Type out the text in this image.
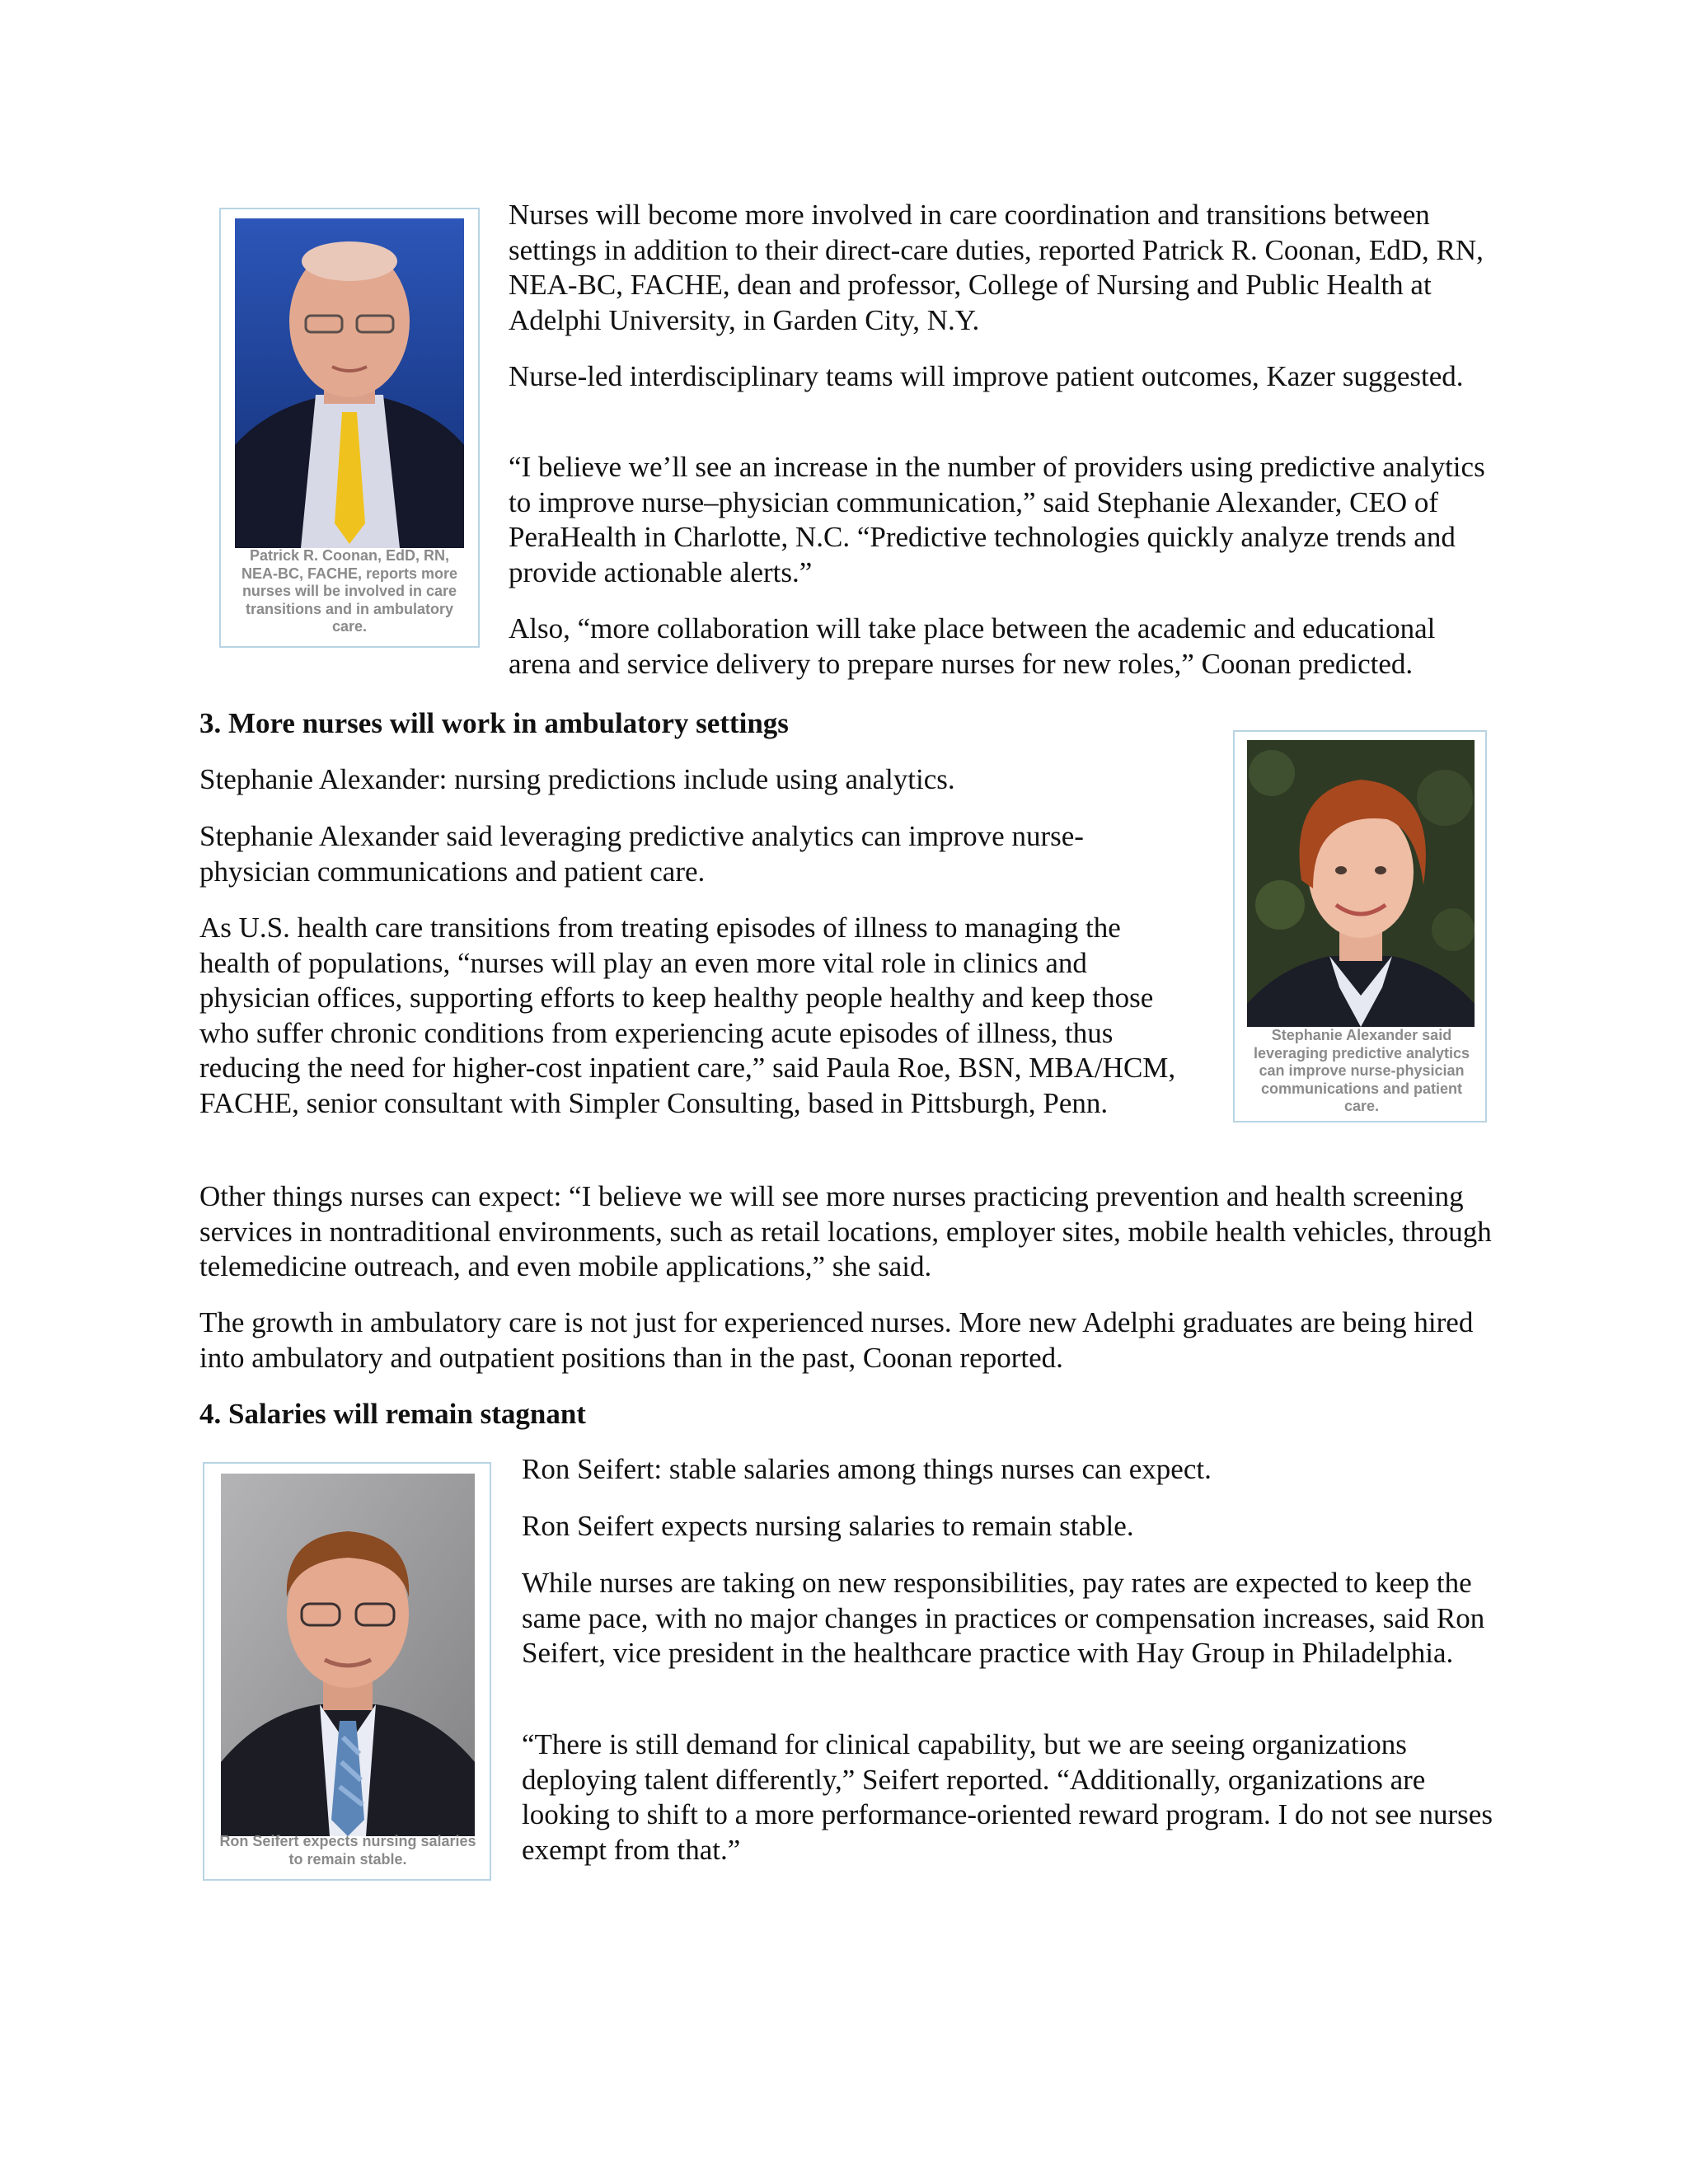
Patrick R. Coonan, EdD, RN, NEA-BC, FACHE, reports more nurses will be involved in care transitions and in ambulatory care.

Nurses will become more involved in care coordination and transitions between settings in addition to their direct-care duties, reported Patrick R. Coonan, EdD, RN, NEA-BC, FACHE, dean and professor, College of Nursing and Public Health at Adelphi University, in Garden City, N.Y.

Nurse-led interdisciplinary teams will improve patient outcomes, Kazer suggested.

“I believe we’ll see an increase in the number of providers using predictive analytics to improve nurse–physician communication,” said Stephanie Alexander, CEO of PeraHealth in Charlotte, N.C. “Predictive technologies quickly analyze trends and provide actionable alerts.”

Also, “more collaboration will take place between the academic and educational arena and service delivery to prepare nurses for new roles,” Coonan predicted.

3. More nurses will work in ambulatory settings
Stephanie Alexander said leveraging predictive analytics can improve nurse-physician communications and patient care.

Stephanie Alexander: nursing predictions include using analytics.

Stephanie Alexander said leveraging predictive analytics can improve nurse-physician communications and patient care.

As U.S. health care transitions from treating episodes of illness to managing the health of populations, “nurses will play an even more vital role in clinics and physician offices, supporting efforts to keep healthy people healthy and keep those who suffer chronic conditions from experiencing acute episodes of illness, thus reducing the need for higher-cost inpatient care,” said Paula Roe, BSN, MBA/HCM, FACHE, senior consultant with Simpler Consulting, based in Pittsburgh, Penn.

Other things nurses can expect: “I believe we will see more nurses practicing prevention and health screening services in nontraditional environments, such as retail locations, employer sites, mobile health vehicles, through telemedicine outreach, and even mobile applications,” she said.

The growth in ambulatory care is not just for experienced nurses. More new Adelphi graduates are being hired into ambulatory and outpatient positions than in the past, Coonan reported.

4. Salaries will remain stagnant
Ron Seifert expects nursing salaries to remain stable.

Ron Seifert: stable salaries among things nurses can expect.

Ron Seifert expects nursing salaries to remain stable.

While nurses are taking on new responsibilities, pay rates are expected to keep the same pace, with no major changes in practices or compensation increases, said Ron Seifert, vice president in the healthcare practice with Hay Group in Philadelphia.

“There is still demand for clinical capability, but we are seeing organizations deploying talent differently,” Seifert reported. “Additionally, organizations are looking to shift to a more performance-oriented reward program. I do not see nurses exempt from that.”
